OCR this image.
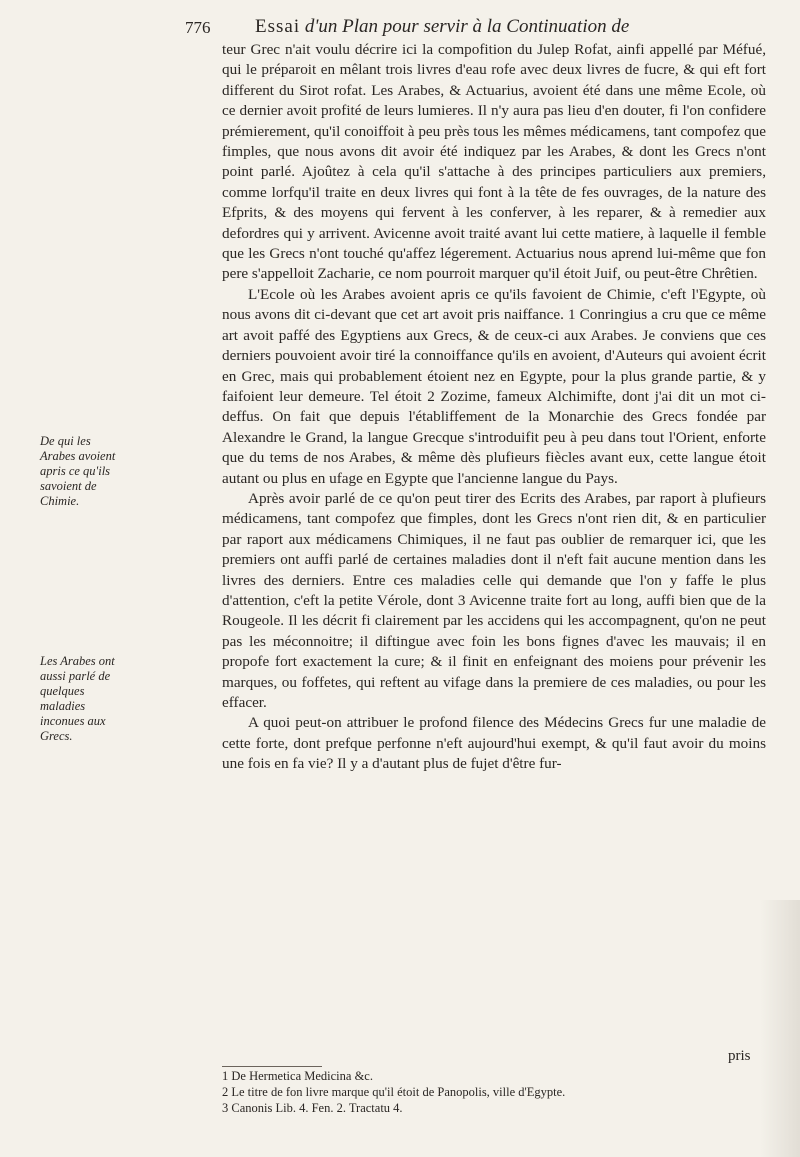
776 Essai d'un Plan pour servir à la Continuation de

teur Grec n'ait voulu décrire ici la compofition du Julep Rofat, ainfi appellé par Méfué, qui le préparoit en mêlant trois livres d'eau rofe avec deux livres de fucre, & qui eft fort different du Sirot rofat. Les Arabes, & Actuarius, avoient été dans une même Ecole, où ce dernier avoit profité de leurs lumieres. Il n'y aura pas lieu d'en douter, fi l'on confidere prémierement, qu'il conoiffoit à peu près tous les mêmes médicamens, tant compofez que fimples, que nous avons dit avoir été indiquez par les Arabes, & dont les Grecs n'ont point parlé. Ajoûtez à cela qu'il s'attache à des principes particuliers aux premiers, comme lorfqu'il traite en deux livres qui font à la tête de fes ouvrages, de la nature des Efprits, & des moyens qui fervent à les conferver, à les reparer, & à remedier aux defordres qui y arrivent. Avicenne avoit traité avant lui cette matiere, à laquelle il femble que les Grecs n'ont touché qu'affez légerement. Actuarius nous aprend lui-même que fon pere s'appelloit Zacharie, ce nom pourroit marquer qu'il étoit Juif, ou peut-être Chrêtien.

L'Ecole où les Arabes avoient apris ce qu'ils favoient de Chimie, c'eft l'Egypte, où nous avons dit ci-devant que cet art avoit pris naiffance. 1 Conringius a cru que ce même art avoit paffé des Egyptiens aux Grecs, & de ceux-ci aux Arabes. Je conviens que ces derniers pouvoient avoir tiré la connoiffance qu'ils en avoient, d'Auteurs qui avoient écrit en Grec, mais qui probablement étoient nez en Egypte, pour la plus grande partie, & y faifoient leur demeure. Tel étoit 2 Zozime, fameux Alchimifte, dont j'ai dit un mot ci-deffus. On fait que depuis l'établiffement de la Monarchie des Grecs fondée par Alexandre le Grand, la langue Grecque s'introduifit peu à peu dans tout l'Orient, enforte que du tems de nos Arabes, & même dès plufieurs fiècles avant eux, cette langue étoit autant ou plus en ufage en Egypte que l'ancienne langue du Pays.

Après avoir parlé de ce qu'on peut tirer des Ecrits des Arabes, par raport à plufieurs médicamens, tant compofez que fimples, dont les Grecs n'ont rien dit, & en particulier par raport aux médicamens Chimiques, il ne faut pas oublier de remarquer ici, que les premiers ont auffi parlé de certaines maladies dont il n'eft fait aucune mention dans les livres des derniers. Entre ces maladies celle qui demande que l'on y faffe le plus d'attention, c'eft la petite Vérole, dont 3 Avicenne traite fort au long, auffi bien que de la Rougeole. Il les décrit fi clairement par les accidens qui les accompagnent, qu'on ne peut pas les méconnoitre; il diftingue avec foin les bons fignes d'avec les mauvais; il en propofe fort exactement la cure; & il finit en enfeignant des moiens pour prévenir les marques, ou foffetes, qui reftent au vifage dans la premiere de ces maladies, ou pour les effacer.

A quoi peut-on attribuer le profond filence des Médecins Grecs fur une maladie de cette forte, dont prefque perfonne n'eft aujourd'hui exempt, & qu'il faut avoir du moins une fois en fa vie? Il y a d'autant plus de fujet d'être fur-

De qui les Arabes avoient apris ce qu'ils savoient de Chimie.
Les Arabes ont aussi parlé de quelques maladies inconues aux Grecs.
pris
1 De Hermetica Medicina &c.
2 Le titre de fon livre marque qu'il étoit de Panopolis, ville d'Egypte.
3 Canonis Lib. 4. Fen. 2. Tractatu 4.
